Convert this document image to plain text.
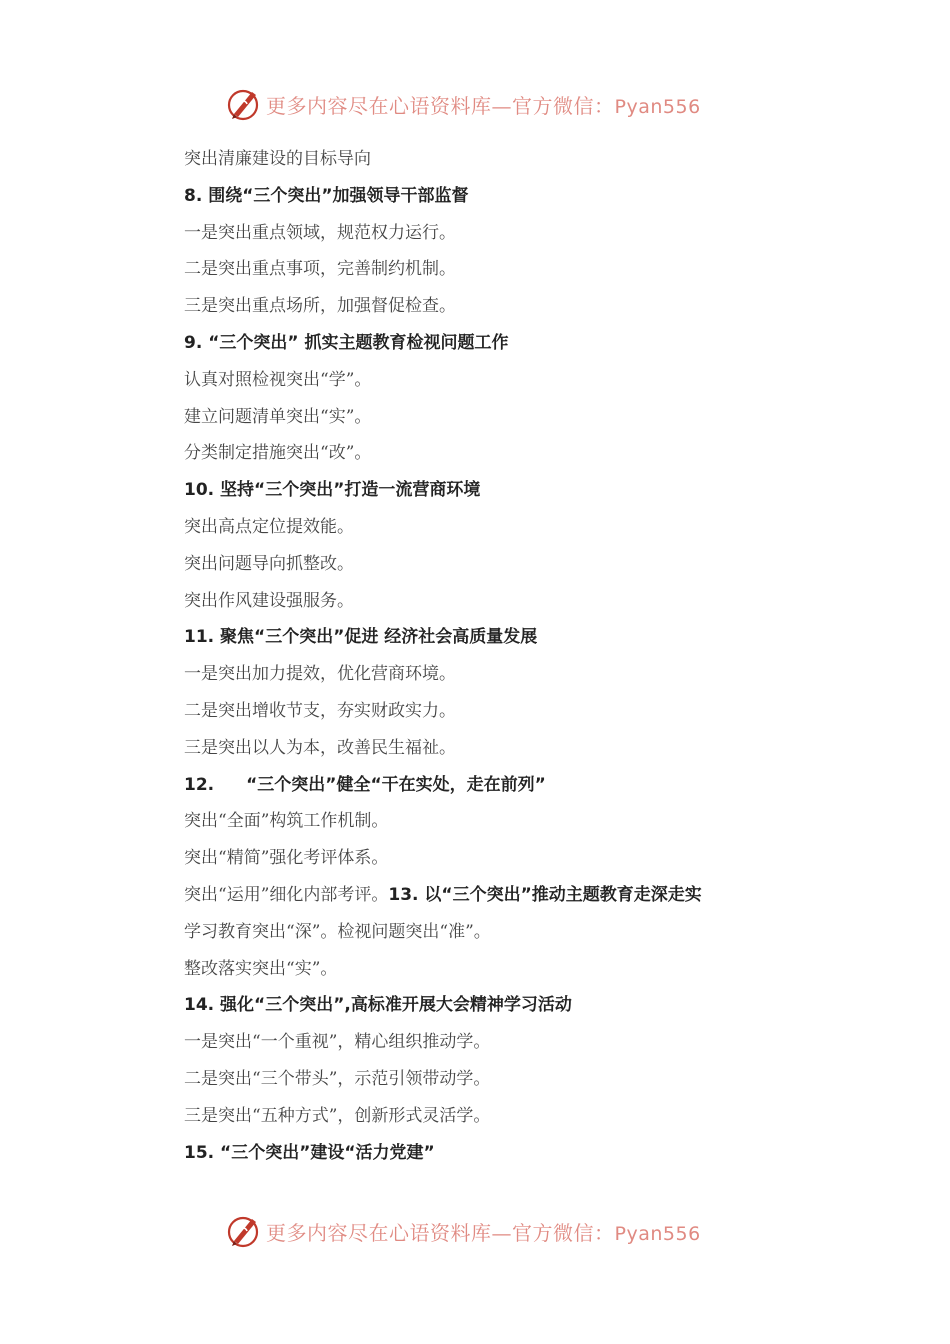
更多内容尽在心语资料库—官方微信：Pyan556
突出清廉建设的目标导向
8. 围绕“三个突出”加强领导干部监督
一是突出重点领域，规范权力运行。
二是突出重点事项，完善制约机制。
三是突出重点场所，加强督促检查。
9. “三个突出” 抓实主题教育检视问题工作
认真对照检视突出“学”。
建立问题清单突出“实”。
分类制定措施突出“改”。
10. 坚持“三个突出”打造一流营商环境
突出高点定位提效能。
突出问题导向抓整改。
突出作风建设强服务。
11. 聚焦“三个突出”促进 经济社会高质量发展
一是突出加力提效，优化营商环境。
二是突出增收节支，夯实财政实力。
三是突出以人为本，改善民生福祉。
12. “三个突出”健全“干在实处，走在前列”
突出“全面”构筑工作机制。
突出“精简”强化考评体系。
突出“运用”细化内部考评。13. 以“三个突出”推动主题教育走深走实
学习教育突出“深”。检视问题突出“准”。
整改落实突出“实”。
14. 强化“三个突出”,高标准开展大会精神学习活动
一是突出“一个重视”，精心组织推动学。
二是突出“三个带头”，示范引领带动学。
三是突出“五种方式”，创新形式灵活学。
15. “三个突出”建设“活力党建”
更多内容尽在心语资料库—官方微信：Pyan556
